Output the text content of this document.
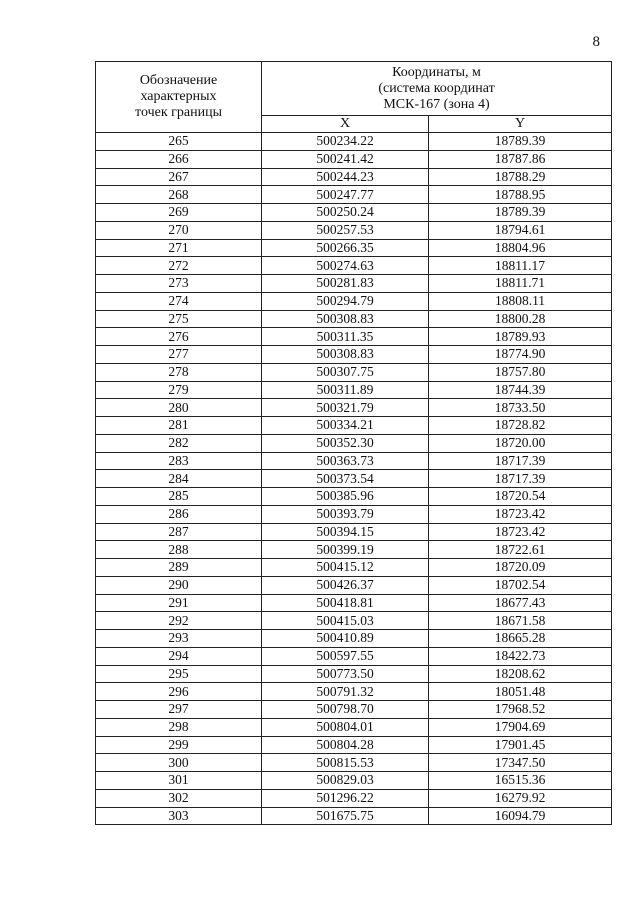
8
Обозначение
характерных
точек границы	Координаты, м
(система координат
МСК-167 (зона 4)	
	X	Y
265	500234.22	18789.39
266	500241.42	18787.86
267	500244.23	18788.29
268	500247.77	18788.95
269	500250.24	18789.39
270	500257.53	18794.61
271	500266.35	18804.96
272	500274.63	18811.17
273	500281.83	18811.71
274	500294.79	18808.11
275	500308.83	18800.28
276	500311.35	18789.93
277	500308.83	18774.90
278	500307.75	18757.80
279	500311.89	18744.39
280	500321.79	18733.50
281	500334.21	18728.82
282	500352.30	18720.00
283	500363.73	18717.39
284	500373.54	18717.39
285	500385.96	18720.54
286	500393.79	18723.42
287	500394.15	18723.42
288	500399.19	18722.61
289	500415.12	18720.09
290	500426.37	18702.54
291	500418.81	18677.43
292	500415.03	18671.58
293	500410.89	18665.28
294	500597.55	18422.73
295	500773.50	18208.62
296	500791.32	18051.48
297	500798.70	17968.52
298	500804.01	17904.69
299	500804.28	17901.45
300	500815.53	17347.50
301	500829.03	16515.36
302	501296.22	16279.92
303	501675.75	16094.79
